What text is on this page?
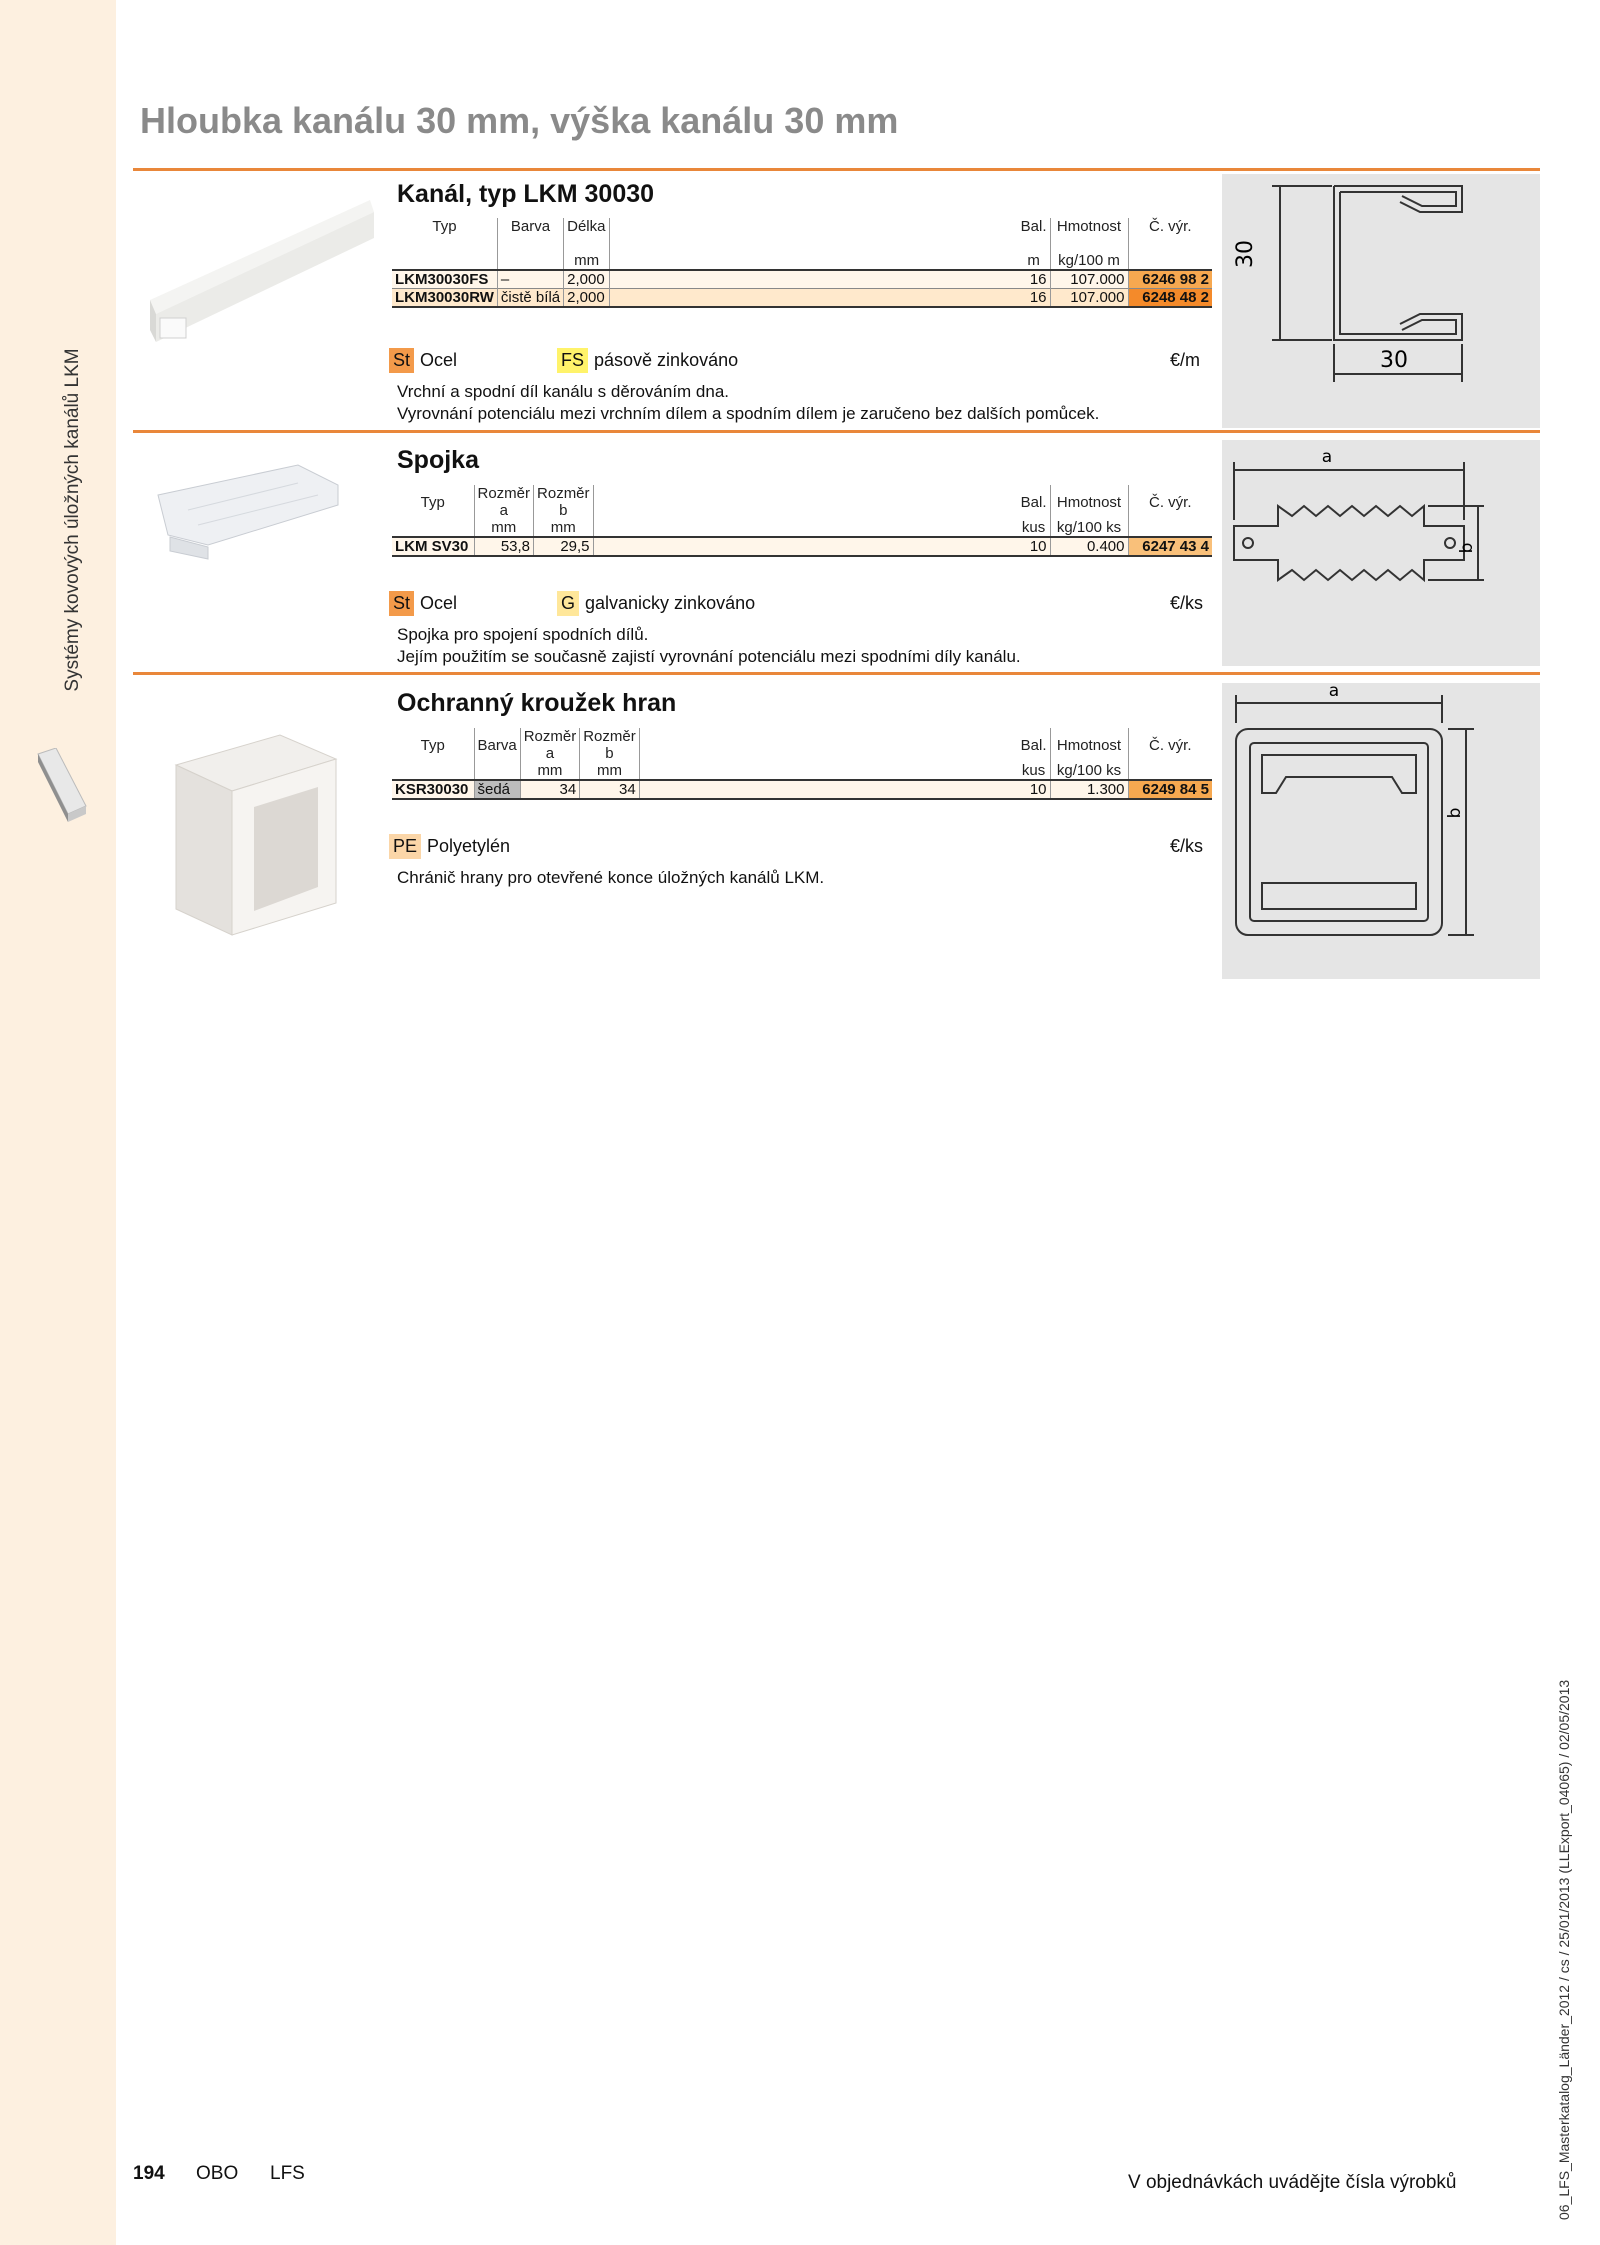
Systémy kovových úložných kanálů LKM
Hloubka kanálu 30 mm, výška kanálu 30 mm
Kanál, typ LKM 30030
Typ	Barva	Délka		Bal.	Hmotnost	Č. výr.

		mm		m	kg/100 m	
LKM30030FS	–	2,000		16	107.000	6246 98 2
LKM30030RW	čistě bílá	2,000		16	107.000	6248 48 2
St Ocel	FS pásově zinkováno	€/m
Vrchní a spodní díl kanálu s děrováním dna.
Vyrovnání potenciálu mezi vrchním dílem a spodním dílem je zaručeno bez dalších pomůcek.
30
30
Spojka
Typ	Rozměr a	Rozměr b		Bal.	Hmotnost	Č. výr.
	mm	mm		kus	kg/100 ks	
LKM SV30	53,8	29,5		10	0.400	6247 43 4
St Ocel	G galvanicky zinkováno	€/ks
Spojka pro spojení spodních dílů.
Jejím použitím se současně zajistí vyrovnání potenciálu mezi spodními díly kanálu.
a
b
Ochranný kroužek hran
Typ	Barva	Rozměr a	Rozměr b		Bal.	Hmotnost	Č. výr.
		mm	mm		kus	kg/100 ks	
KSR30030	šedá	34	34		10	1.300	6249 84 5
PE Polyetylén	€/ks
Chránič hrany pro otevřené konce úložných kanálů LKM.
a
b
194 OBO LFS	V objednávkách uvádějte čísla výrobků	06_LFS_Masterkatalog_Länder_2012 / cs / 25/01/2013 (LLExport_04065) / 02/05/2013
